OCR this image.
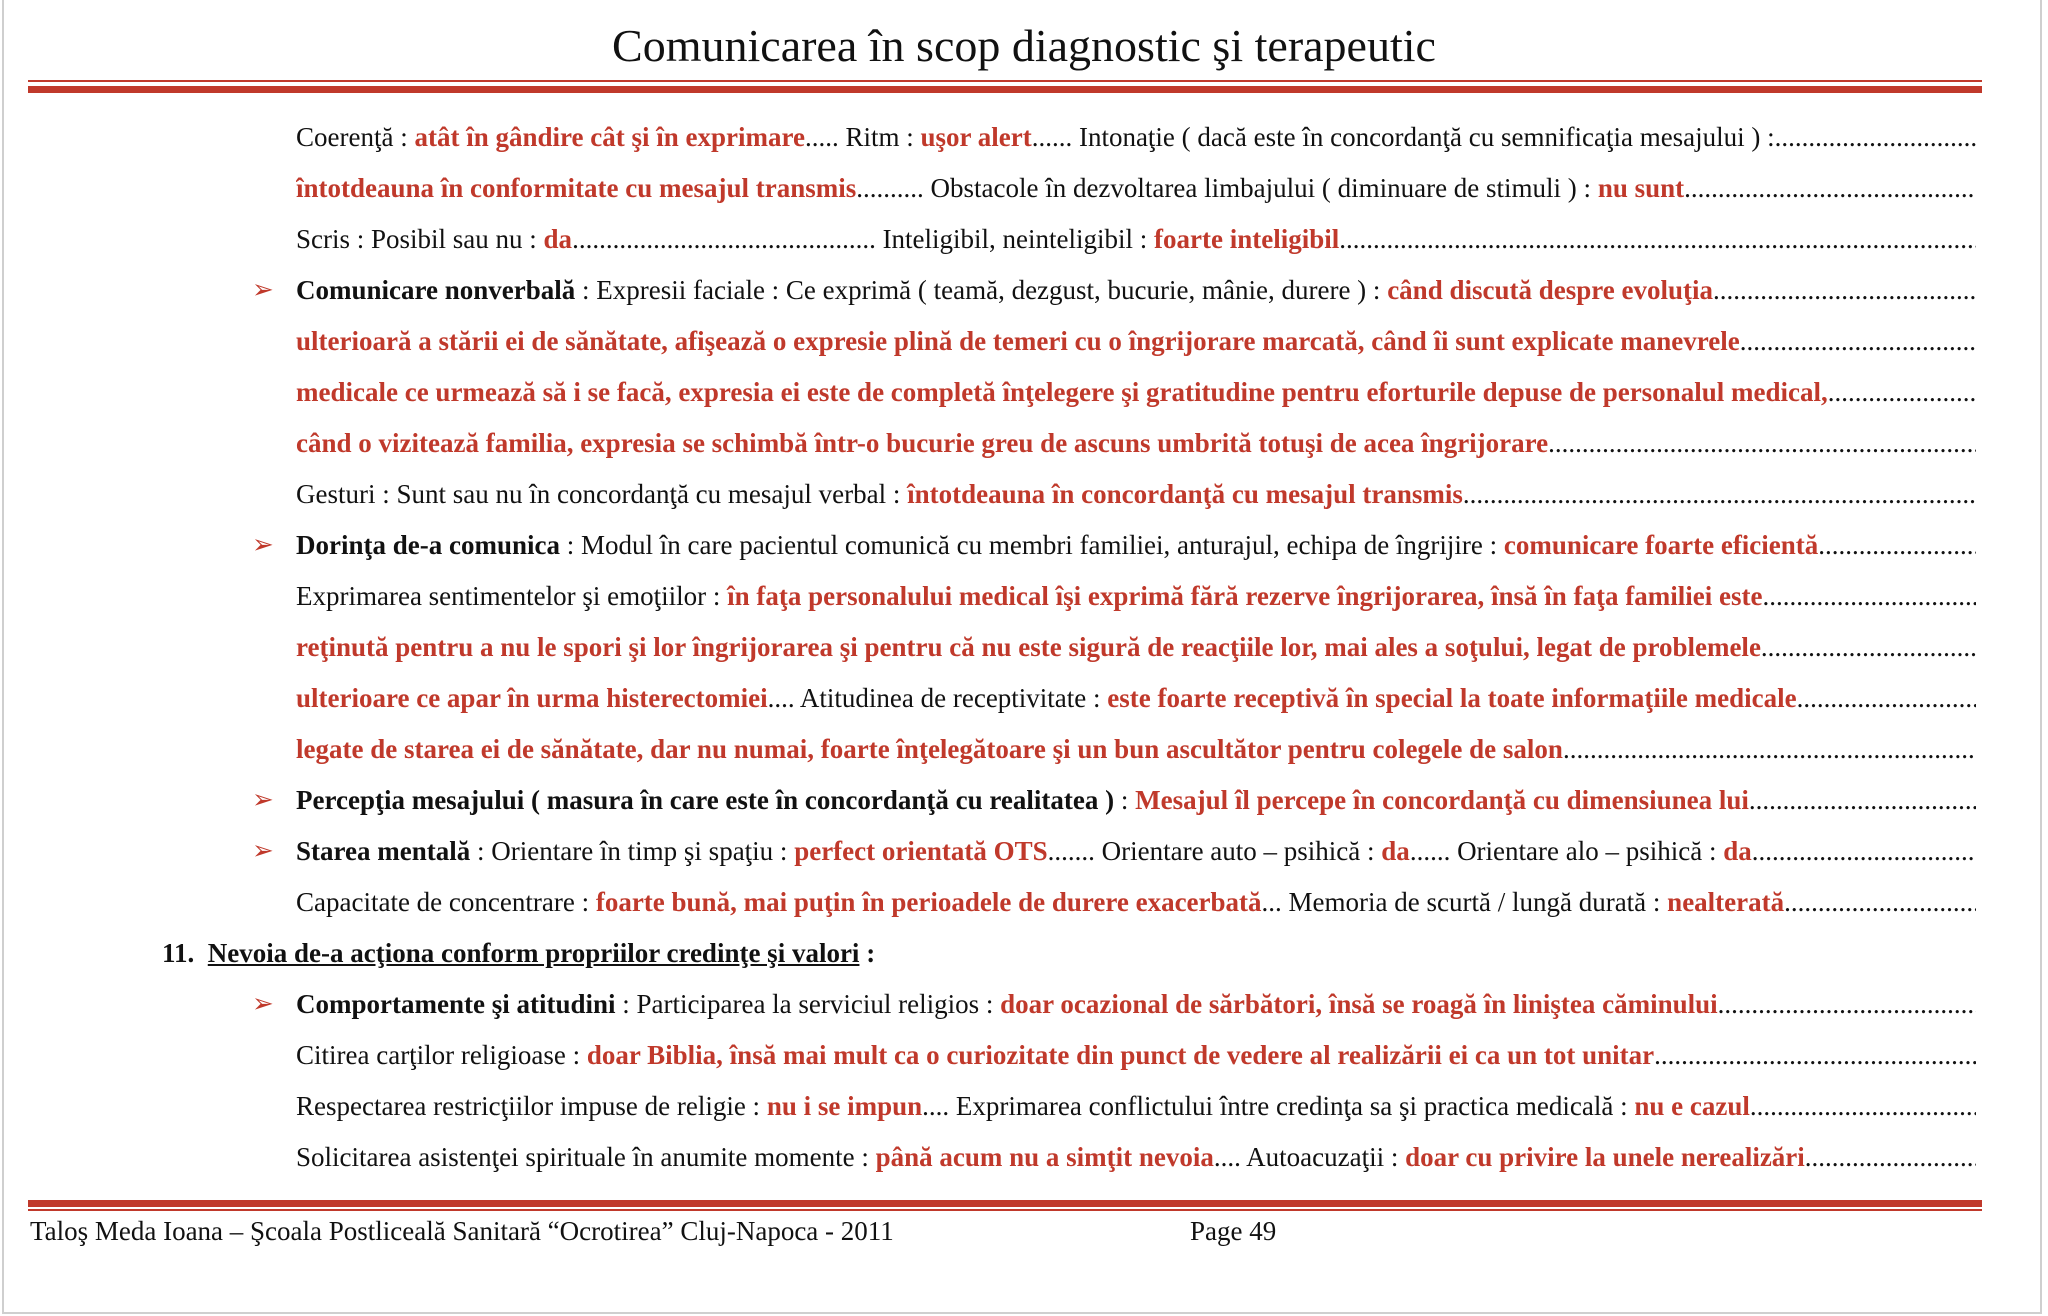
Comunicarea în scop diagnostic şi terapeutic
Coerenţă : atât în gândire cât şi în exprimare..... Ritm : uşor alert...... Intonaţie ( dacă este în concordanţă cu semnificaţia mesajului ) : .....
întotdeauna în conformitate cu mesajul transmis.......... Obstacole în dezvoltarea limbajului ( diminuare de stimuli ) : nu sunt .....
Scris : Posibil sau nu : da............................................. Inteligibil, neinteligibil : foarte inteligibil .....
➢ Comunicare nonverbală : Expresii faciale : Ce exprimă ( teamă, dezgust, bucurie, mânie, durere ) : când discută despre evoluţia .....
ulterioară a stării ei de sănătate, afişează o expresie plină de temeri cu o îngrijorare marcată, când îi sunt explicate manevrele .....
medicale ce urmează să i se facă, expresia ei este de completă înţelegere şi gratitudine pentru eforturile depuse de personalul medical, .....
când o vizitează familia, expresia se schimbă într-o bucurie greu de ascuns umbrită totuşi de acea îngrijorare .....
Gesturi : Sunt sau nu în concordanţă cu mesajul verbal : întotdeauna în concordanţă cu mesajul transmis .....
➢ Dorinţa de-a comunica : Modul în care pacientul comunică cu membri familiei, anturajul, echipa de îngrijire : comunicare foarte eficientă .....
Exprimarea sentimentelor şi emoţiilor : în faţa personalului medical îşi exprimă fără rezerve îngrijorarea, însă în faţa familiei este .....
reţinută pentru a nu le spori şi lor îngrijorarea şi pentru că nu este sigură de reacţiile lor, mai ales a soţului, legat de problemele .....
ulterioare ce apar în urma histerectomiei.... Atitudinea de receptivitate : este foarte receptivă în special la toate informaţiile medicale .....
legate de starea ei de sănătate, dar nu numai, foarte înţelegătoare şi un bun ascultător pentru colegele de salon .....
➢ Percepţia mesajului ( masura în care este în concordanţă cu realitatea ) : Mesajul îl percepe în concordanţă cu dimensiunea lui .....
➢ Starea mentală : Orientare în timp şi spaţiu : perfect orientată OTS....... Orientare auto – psihică : da...... Orientare alo – psihică : da .....
Capacitate de concentrare : foarte bună, mai puţin în perioadele de durere exacerbată... Memoria de scurtă / lungă durată : nealterată .....
11. Nevoia de-a acţiona conform propriilor credinţe şi valori :
➢ Comportamente şi atitudini : Participarea la serviciul religios : doar ocazional de sărbători, însă se roagă în liniştea căminului .....
Citirea carţilor religioase : doar Biblia, însă mai mult ca o curiozitate din punct de vedere al realizării ei ca un tot unitar .....
Respectarea restricţiilor impuse de religie : nu i se impun.... Exprimarea conflictului între credinţa sa şi practica medicală : nu e cazul .....
Solicitarea asistenţei spirituale în anumite momente : până acum nu a simţit nevoia.... Autoacuzaţii : doar cu privire la unele nerealizări .....
Taloş Meda Ioana – Şcoala Postliceală Sanitară “Ocrotirea” Cluj-Napoca - 2011	Page 49
